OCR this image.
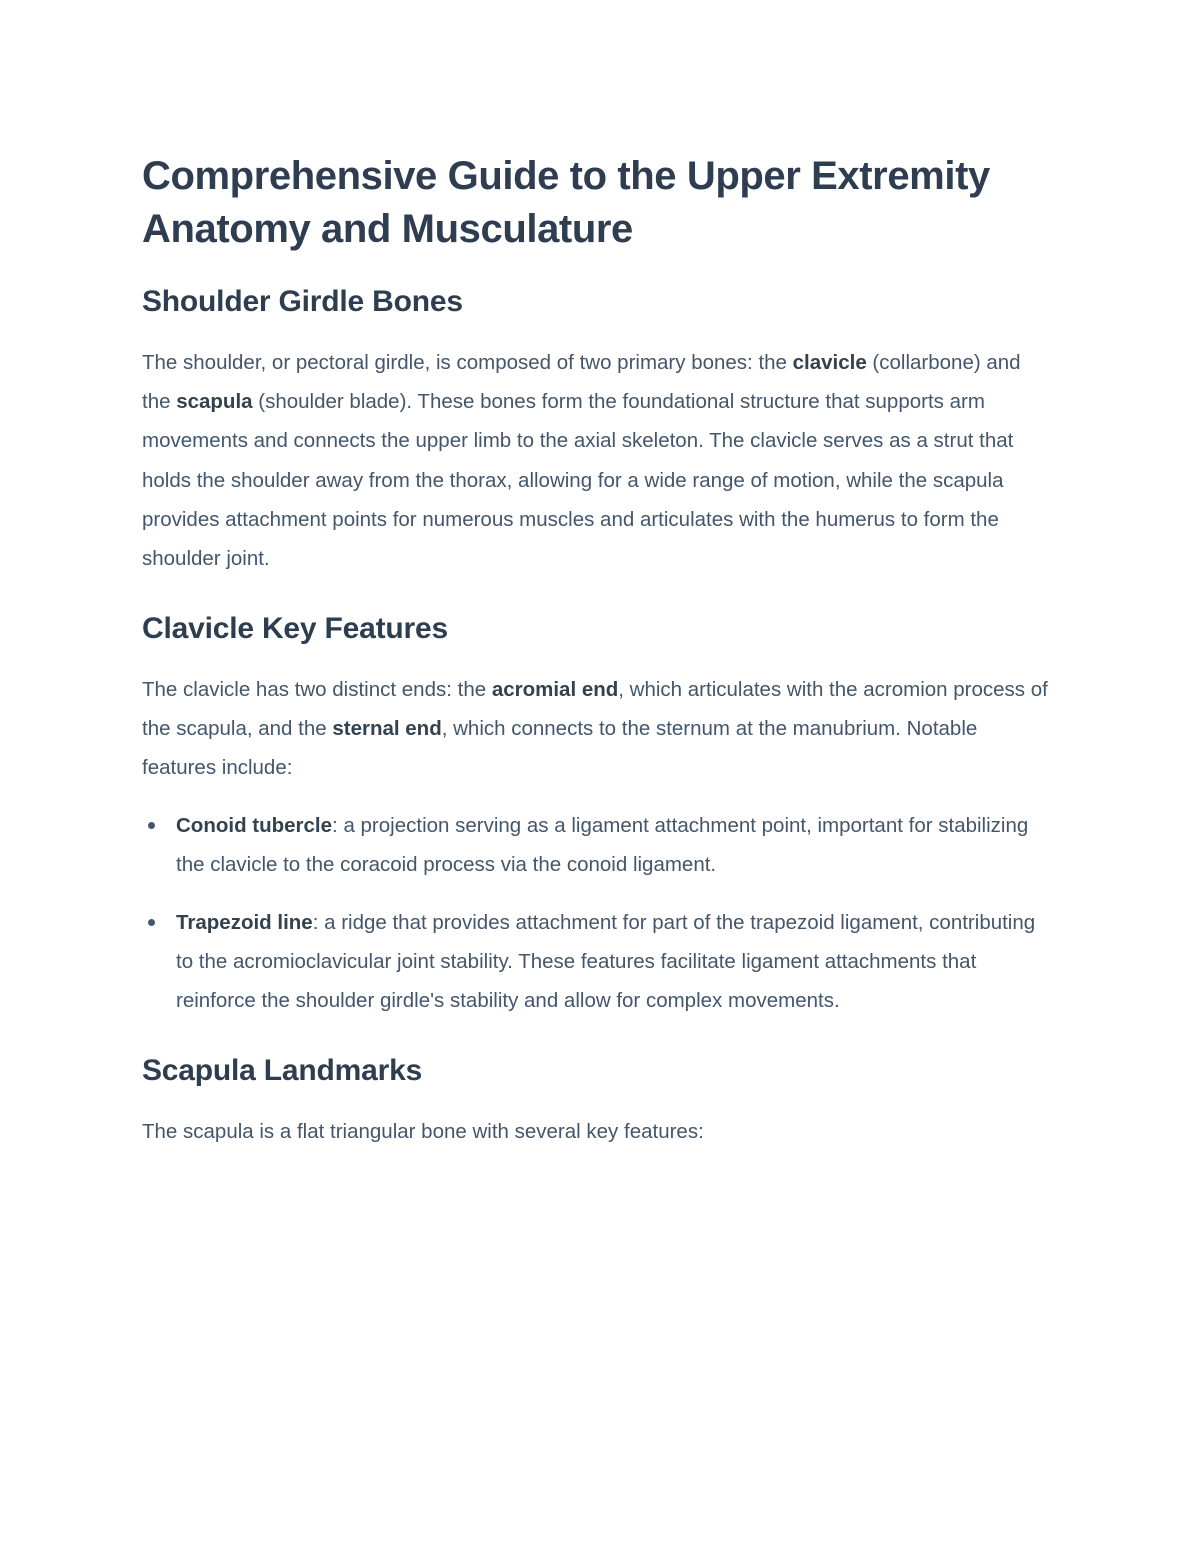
Comprehensive Guide to the Upper Extremity Anatomy and Musculature
Shoulder Girdle Bones

The shoulder, or pectoral girdle, is composed of two primary bones: the clavicle (collarbone) and the scapula (shoulder blade). These bones form the foundational structure that supports arm movements and connects the upper limb to the axial skeleton. The clavicle serves as a strut that holds the shoulder away from the thorax, allowing for a wide range of motion, while the scapula provides attachment points for numerous muscles and articulates with the humerus to form the shoulder joint.

Clavicle Key Features

The clavicle has two distinct ends: the acromial end, which articulates with the acromion process of the scapula, and the sternal end, which connects to the sternum at the manubrium. Notable features include:

Conoid tubercle: a projection serving as a ligament attachment point, important for stabilizing the clavicle to the coracoid process via the conoid ligament.
Trapezoid line: a ridge that provides attachment for part of the trapezoid ligament, contributing to the acromioclavicular joint stability. These features facilitate ligament attachments that reinforce the shoulder girdle's stability and allow for complex movements.
Scapula Landmarks

The scapula is a flat triangular bone with several key features:
